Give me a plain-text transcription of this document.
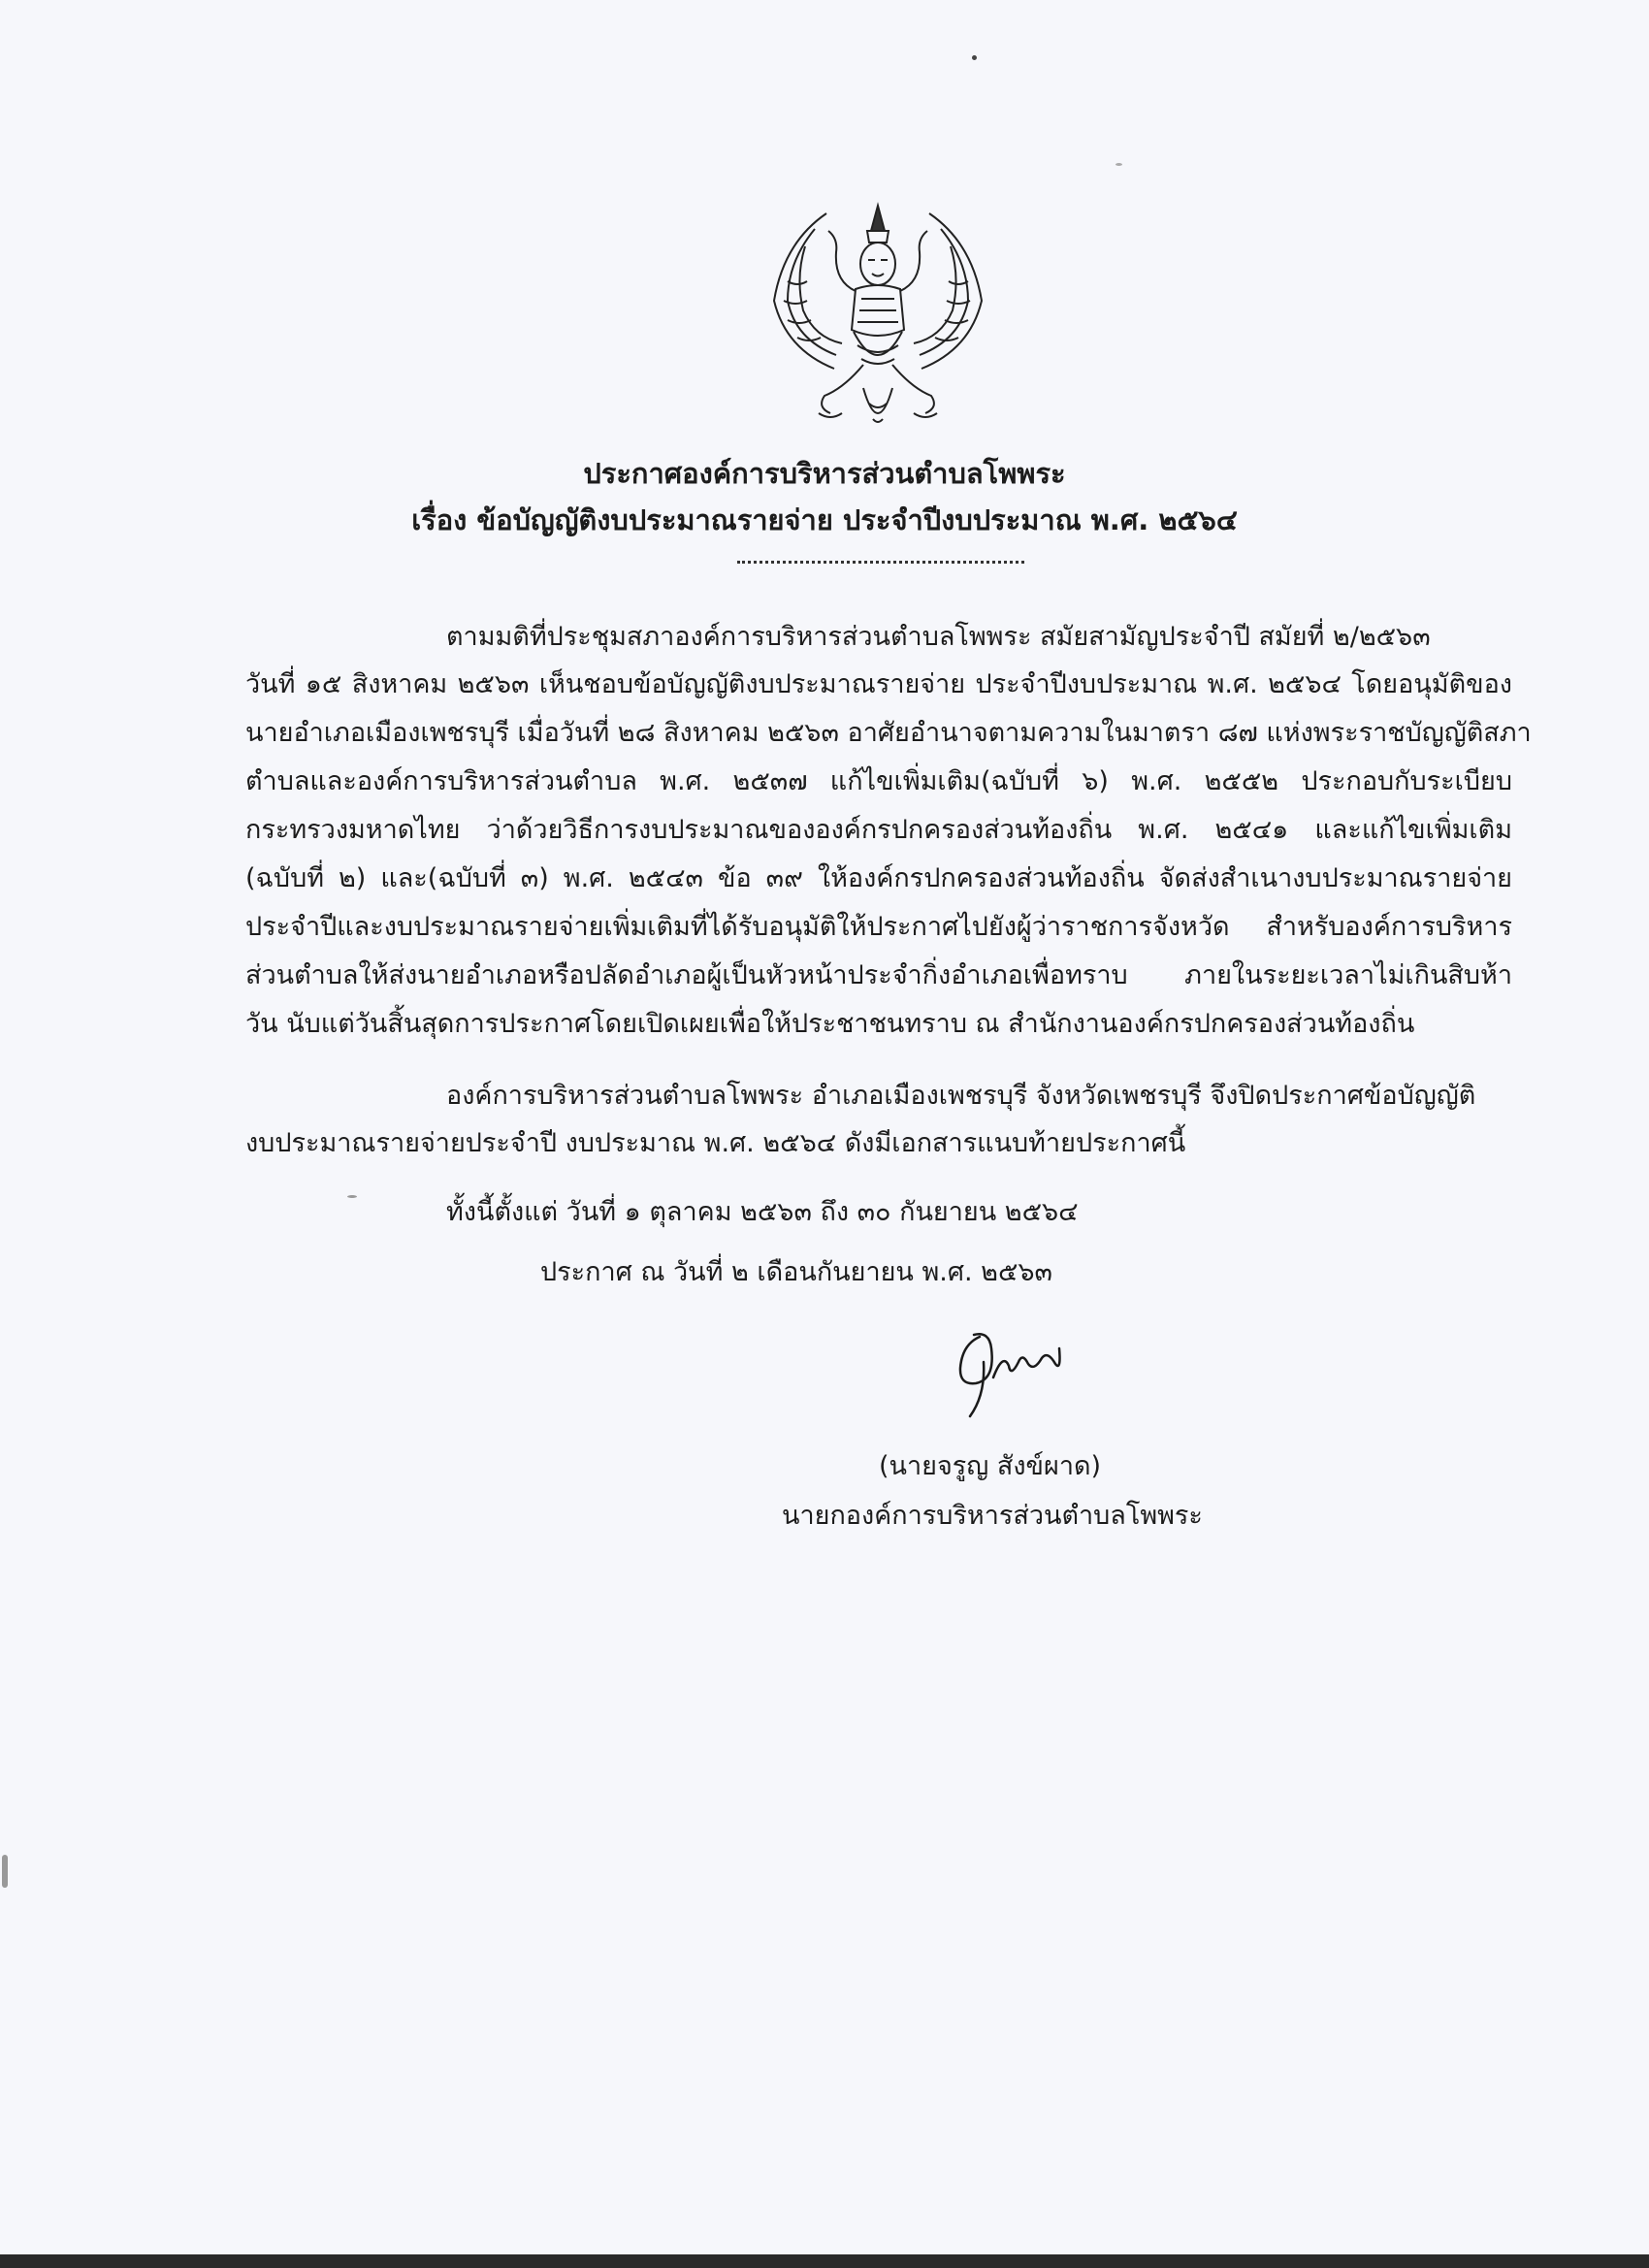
ประกาศองค์การบริหารส่วนตำบลโพพระ
เรื่อง ข้อบัญญัติงบประมาณรายจ่าย ประจำปีงบประมาณ พ.ศ. ๒๕๖๔
ตามมติที่ประชุมสภาองค์การบริหารส่วนตำบลโพพระ สมัยสามัญประจำปี สมัยที่ ๒/๒๕๖๓
วันที่ ๑๕ สิงหาคม ๒๕๖๓ เห็นชอบข้อบัญญัติงบประมาณรายจ่าย ประจำปีงบประมาณ พ.ศ. ๒๕๖๔ โดยอนุมัติของ
นายอำเภอเมืองเพชรบุรี เมื่อวันที่ ๒๘ สิงหาคม ๒๕๖๓ อาศัยอำนาจตามความในมาตรา ๘๗ แห่งพระราชบัญญัติสภา
ตำบลและองค์การบริหารส่วนตำบล พ.ศ. ๒๕๓๗ แก้ไขเพิ่มเติม(ฉบับที่ ๖) พ.ศ. ๒๕๕๒ ประกอบกับระเบียบ
กระทรวงมหาดไทย ว่าด้วยวิธีการงบประมาณขององค์กรปกครองส่วนท้องถิ่น พ.ศ. ๒๕๔๑ และแก้ไขเพิ่มเติม
(ฉบับที่ ๒) และ(ฉบับที่ ๓) พ.ศ. ๒๕๔๓ ข้อ ๓๙ ให้องค์กรปกครองส่วนท้องถิ่น จัดส่งสำเนางบประมาณรายจ่าย
ประจำปีและงบประมาณรายจ่ายเพิ่มเติมที่ได้รับอนุมัติให้ประกาศไปยังผู้ว่าราชการจังหวัด สำหรับองค์การบริหาร
ส่วนตำบลให้ส่งนายอำเภอหรือปลัดอำเภอผู้เป็นหัวหน้าประจำกิ่งอำเภอเพื่อทราบ ภายในระยะเวลาไม่เกินสิบห้า
วัน นับแต่วันสิ้นสุดการประกาศโดยเปิดเผยเพื่อให้ประชาชนทราบ ณ สำนักงานองค์กรปกครองส่วนท้องถิ่น
องค์การบริหารส่วนตำบลโพพระ อำเภอเมืองเพชรบุรี จังหวัดเพชรบุรี จึงปิดประกาศข้อบัญญัติ
งบประมาณรายจ่ายประจำปี งบประมาณ พ.ศ. ๒๕๖๔ ดังมีเอกสารแนบท้ายประกาศนี้
ทั้งนี้ตั้งแต่ วันที่ ๑ ตุลาคม ๒๕๖๓ ถึง ๓๐ กันยายน ๒๕๖๔
ประกาศ ณ วันที่ ๒ เดือนกันยายน พ.ศ. ๒๕๖๓
(นายจรูญ สังข์ผาด)
นายกองค์การบริหารส่วนตำบลโพพระ
